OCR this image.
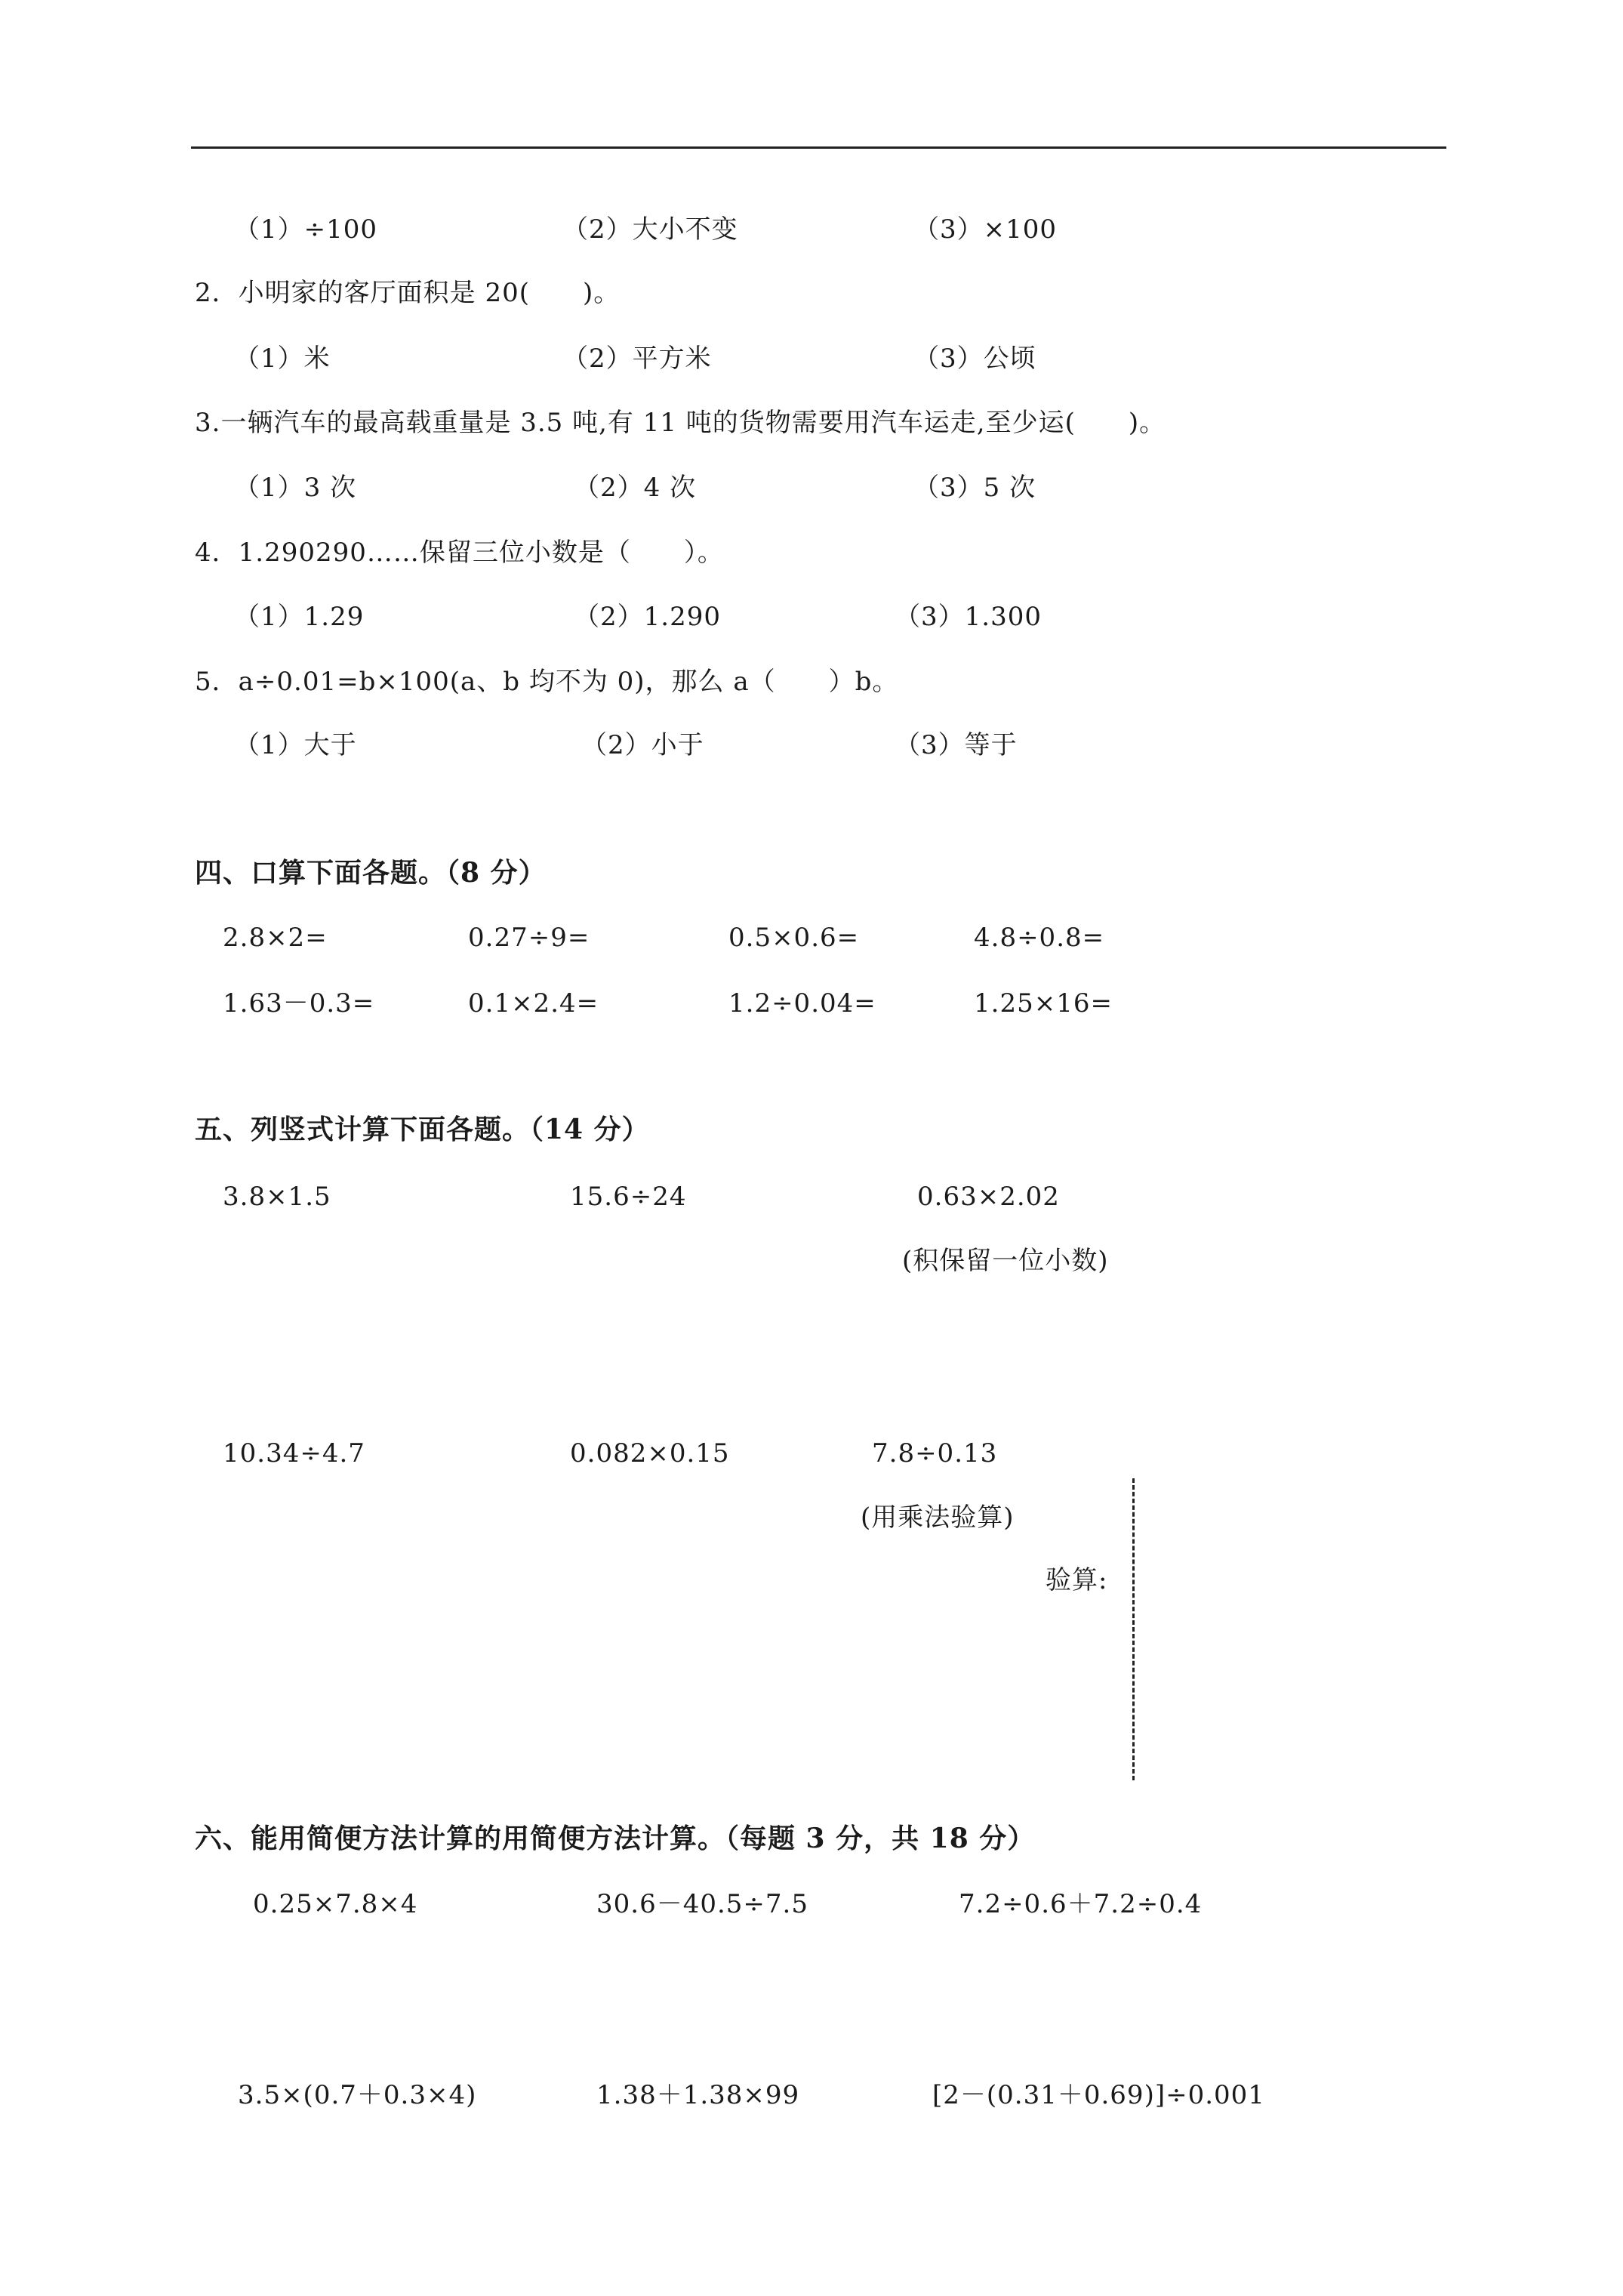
（1）÷100	（2）大小不变	（3）×100
2．小明家的客厅面积是 20(　　)。
（1）米	（2）平方米	（3）公顷
3.一辆汽车的最高载重量是 3.5 吨,有 11 吨的货物需要用汽车运走,至少运(　　)。
（1）3 次	（2）4 次	（3）5 次
4．1.290290……保留三位小数是（　　）。
（1）1.29	（2）1.290	（3）1.300
5．a÷0.01=b×100(a、b 均不为 0)，那么 a（　　）b。
（1）大于	（2）小于	（3）等于
四、口算下面各题。（8 分）
2.8×2=	0.27÷9=	0.5×0.6=	4.8÷0.8=
1.63－0.3=	0.1×2.4=	1.2÷0.04=	1.25×16=
五、列竖式计算下面各题。（14 分）
3.8×1.5	15.6÷24	0.63×2.02
(积保留一位小数)
10.34÷4.7	0.082×0.15	7.8÷0.13
(用乘法验算)
验算:
六、能用简便方法计算的用简便方法计算。（每题 3 分，共 18 分）
0.25×7.8×4	30.6－40.5÷7.5	7.2÷0.6＋7.2÷0.4
3.5×(0.7＋0.3×4)	1.38＋1.38×99	[2－(0.31＋0.69)]÷0.001
